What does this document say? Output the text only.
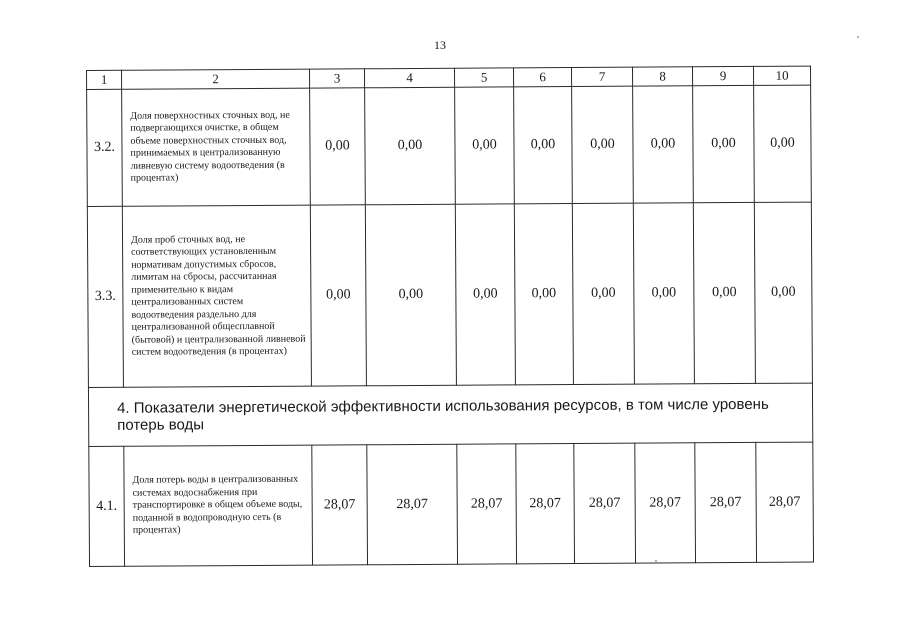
13
1	2	3	4	5	6	7	8	9	10
3.2.	Доля поверхностных сточных вод, не подвергающихся очистке, в общем объеме поверхностных сточных вод, принимаемых в централизованную ливневую систему водоотведения (в процентах)	0,00	0,00	0,00	0,00	0,00	0,00	0,00	0,00
3.3.	Доля проб сточных вод, не соответствующих установленным нормативам допустимых сбросов, лимитам на сбросы, рассчитанная применительно к видам централизованных систем водоотведения раздельно для централизованной общесплавной (бытовой) и централизованной ливневой систем водоотведения (в процентах)	0,00	0,00	0,00	0,00	0,00	0,00	0,00	0,00
4. Показатели энергетической эффективности использования ресурсов, в том числе уровень потерь воды									
4.1.	Доля потерь воды в централизованных системах водоснабжения при транспортировке в общем объеме воды, поданной в водопроводную сеть (в процентах)	28,07	28,07	28,07	28,07	28,07	28,07	28,07	28,07
